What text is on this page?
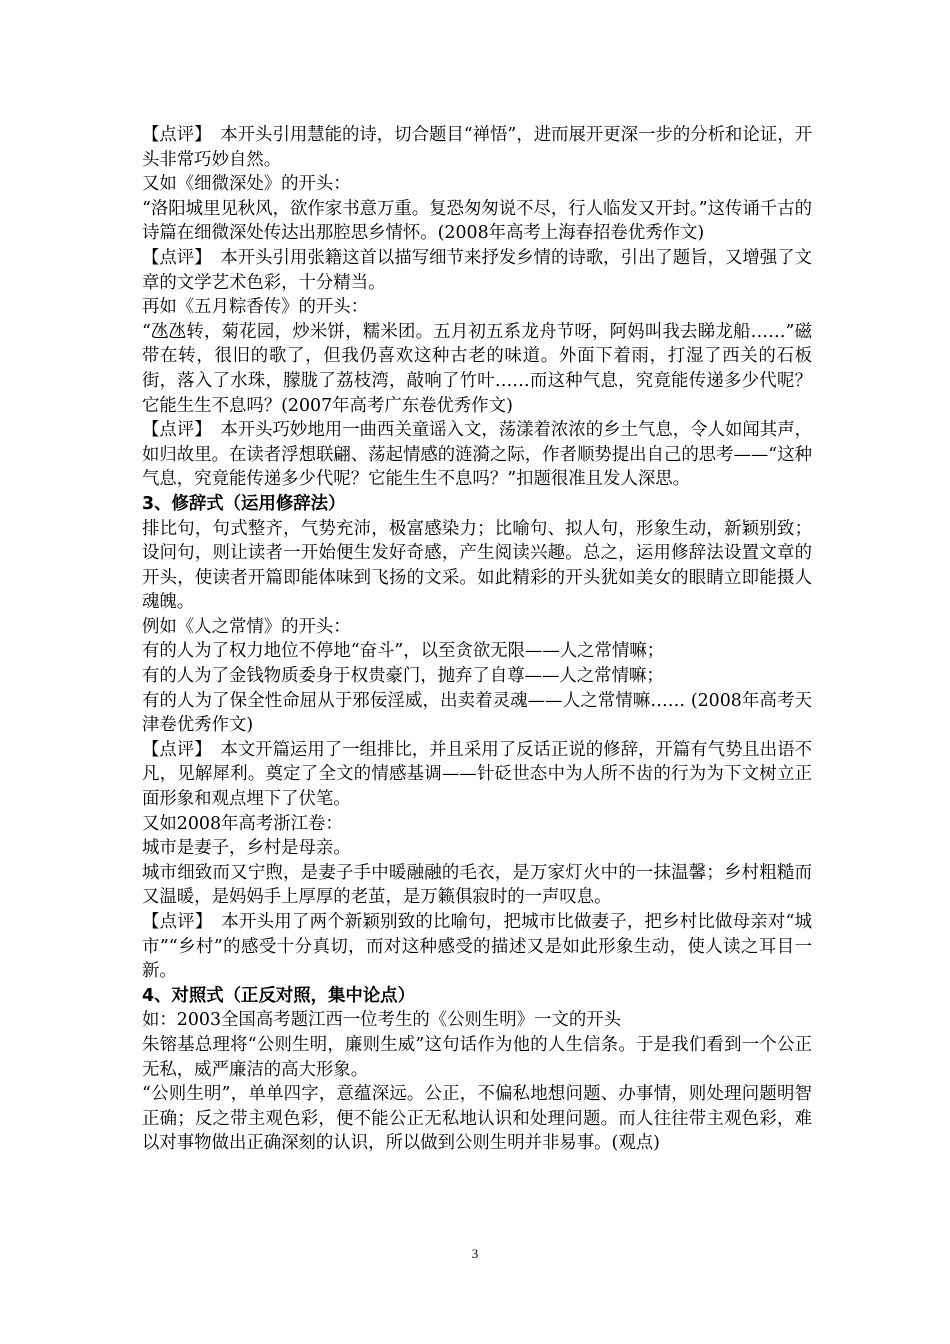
【点评】　本开头引用慧能的诗，切合题目“禅悟”，进而展开更深一步的分析和论证，开头非常巧妙自然。

又如《细微深处》的开头：

“洛阳城里见秋风，欲作家书意万重。复恐匆匆说不尽，行人临发又开封。”这传诵千古的诗篇在细微深处传达出那腔思乡情怀。(2008年高考上海春招卷优秀作文)

【点评】　本开头引用张籍这首以描写细节来抒发乡情的诗歌，引出了题旨，又增强了文章的文学艺术色彩，十分精当。

再如《五月粽香传》的开头：

“氹氹转，菊花园，炒米饼，糯米团。五月初五系龙舟节呀，阿妈叫我去睇龙船……”磁带在转，很旧的歌了，但我仍喜欢这种古老的味道。外面下着雨，打湿了西关的石板街，落入了水珠，朦胧了荔枝湾，敲响了竹叶……而这种气息，究竟能传递多少代呢？它能生生不息吗？(2007年高考广东卷优秀作文)

【点评】　本开头巧妙地用一曲西关童谣入文，荡漾着浓浓的乡土气息，令人如闻其声，如归故里。在读者浮想联翩、荡起情感的涟漪之际，作者顺势提出自己的思考——“这种气息，究竟能传递多少代呢？它能生生不息吗？”扣题很准且发人深思。

3、修辞式（运用修辞法）

排比句，句式整齐，气势充沛，极富感染力；比喻句、拟人句，形象生动，新颖别致；设问句，则让读者一开始便生发好奇感，产生阅读兴趣。总之，运用修辞法设置文章的开头，使读者开篇即能体味到飞扬的文采。如此精彩的开头犹如美女的眼睛立即能摄人魂魄。

例如《人之常情》的开头：

有的人为了权力地位不停地“奋斗”，以至贪欲无限——人之常情嘛；

有的人为了金钱物质委身于权贵豪门，抛弃了自尊——人之常情嘛；

有的人为了保全性命屈从于邪佞淫威，出卖着灵魂——人之常情嘛…… (2008年高考天津卷优秀作文)

【点评】　本文开篇运用了一组排比，并且采用了反话正说的修辞，开篇有气势且出语不凡，见解犀利。奠定了全文的情感基调——针砭世态中为人所不齿的行为为下文树立正面形象和观点埋下了伏笔。

又如2008年高考浙江卷：

城市是妻子，乡村是母亲。

城市细致而又宁煦，是妻子手中暖融融的毛衣，是万家灯火中的一抹温馨；乡村粗糙而又温暖，是妈妈手上厚厚的老茧，是万籁俱寂时的一声叹息。

【点评】　本开头用了两个新颖别致的比喻句，把城市比做妻子，把乡村比做母亲对“城市”“乡村”的感受十分真切，而对这种感受的描述又是如此形象生动，使人读之耳目一新。

4、对照式（正反对照，集中论点）

如：2003全国高考题江西一位考生的《公则生明》一文的开头

朱镕基总理将“公则生明，廉则生威”这句话作为他的人生信条。于是我们看到一个公正无私，威严廉洁的高大形象。

“公则生明”，单单四字，意蕴深远。公正，不偏私地想问题、办事情，则处理问题明智正确；反之带主观色彩，便不能公正无私地认识和处理问题。而人往往带主观色彩，难以对事物做出正确深刻的认识，所以做到公则生明并非易事。(观点)

3
